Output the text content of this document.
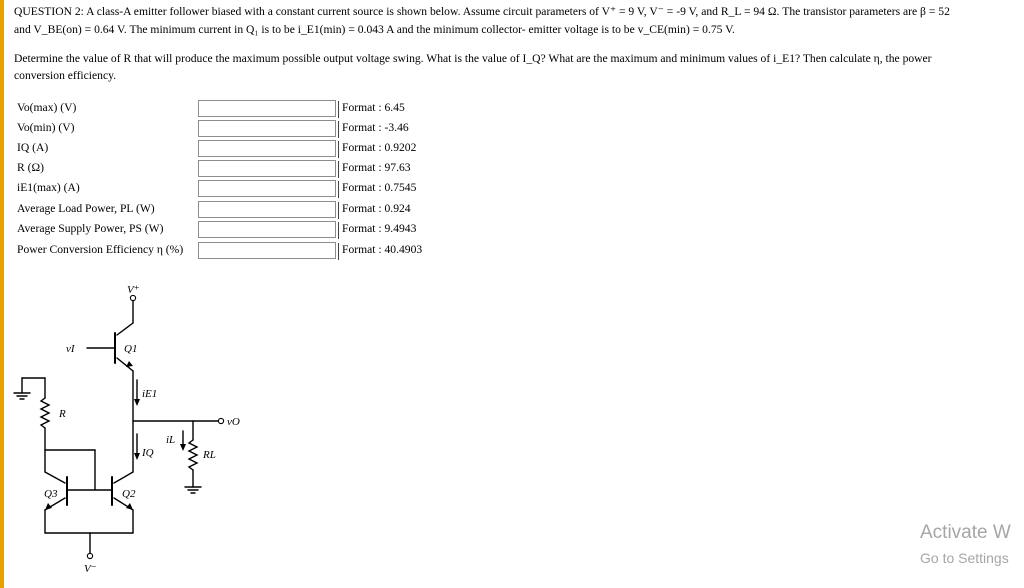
QUESTION 2: A class-A emitter follower biased with a constant current source is shown below. Assume circuit parameters of V⁺ = 9 V, V⁻ = -9 V, and R_L = 94 Ω. The transistor parameters are β = 52
and V_BE(on) = 0.64 V. The minimum current in Q₁ is to be i_E1(min) = 0.043 A and the minimum collector- emitter voltage is to be v_CE(min) = 0.75 V.
Determine the value of R that will produce the maximum possible output voltage swing. What is the value of I_Q? What are the maximum and minimum values of i_E1? Then calculate η, the power
conversion efficiency.
Vo(max) (V)	Format : 6.45
Vo(min) (V)	Format : -3.46
IQ (A)	Format : 0.9202
R (Ω)	Format : 97.63
iE1(max) (A)	Format : 0.7545
Average Load Power, PL (W)	Format : 0.924
Average Supply Power, PS (W)	Format : 9.4943
Power Conversion Efficiency η (%)	Format : 40.4903
V⁺
V⁻
vI
vO
Q1
Q2
Q3
R
RL
iE1
IQ
iL
Activate W
Go to Settings
